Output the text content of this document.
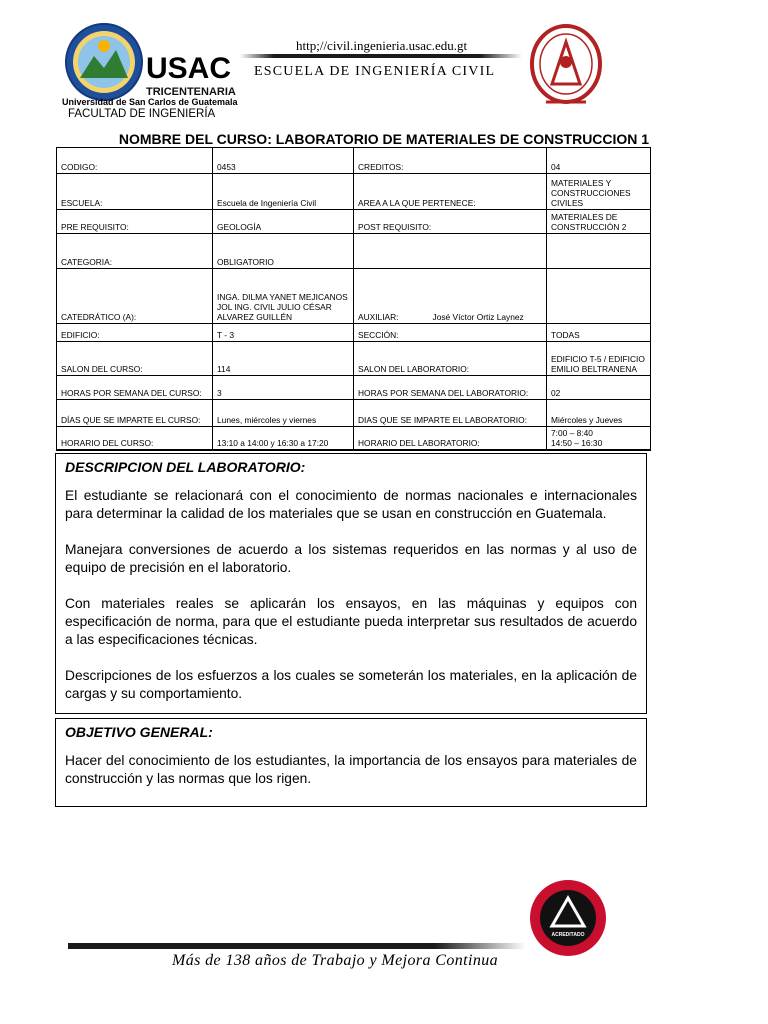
USAC
TRICENTENARIA
Universidad de San Carlos de Guatemala
FACULTAD DE INGENIERÍA
http;//civil.ingenieria.usac.edu.gt
ESCUELA DE INGENIERÍA CIVIL
NOMBRE DEL CURSO: LABORATORIO DE MATERIALES DE CONSTRUCCION 1
CODIGO:	0453	CREDITOS:	04
ESCUELA:	Escuela de Ingeniería Civil	AREA A LA QUE PERTENECE:	MATERIALES Y CONSTRUCCIONES CIVILES
PRE REQUISITO:	GEOLOGÍA	POST REQUISITO:	MATERIALES DE CONSTRUCCIÓN 2
CATEGORIA:	OBLIGATORIO		
CATEDRÁTICO (A):	INGA. DILMA YANET MEJICANOS JOL ING. CIVIL JULIO CÉSAR ALVAREZ GUILLÉN	AUXILIAR: José Víctor Ortiz Laynez	
EDIFICIO:	T - 3	SECCIÓN:	TODAS
SALON DEL CURSO:	114	SALON DEL LABORATORIO:	EDIFICIO T-5 / EDIFICIO EMILIO BELTRANENA
HORAS POR SEMANA DEL CURSO:	3	HORAS POR SEMANA DEL LABORATORIO:	02
DÍAS QUE SE IMPARTE EL CURSO:	Lunes, miércoles y viernes	DIAS QUE SE IMPARTE EL LABORATORIO:	Miércoles y Jueves
HORARIO DEL CURSO:	13:10 a 14:00 y 16:30 a 17:20	HORARIO DEL LABORATORIO:	7:00 – 8:40
14:50 – 16:30
DESCRIPCION DEL LABORATORIO:

El estudiante se relacionará con el conocimiento de normas nacionales e internacionales para determinar la calidad de los materiales que se usan en construcción en Guatemala.

Manejara conversiones de acuerdo a los sistemas requeridos en las normas y al uso de equipo de precisión en el laboratorio.

Con materiales reales se aplicarán los ensayos, en las máquinas y equipos con especificación de norma, para que el estudiante pueda interpretar sus resultados de acuerdo a las especificaciones técnicas.

Descripciones de los esfuerzos a los cuales se someterán los materiales, en la aplicación de cargas y su comportamiento.

OBJETIVO GENERAL:

Hacer del conocimiento de los estudiantes, la importancia de los ensayos para materiales de construcción y las normas que los rigen.

ACREDITADO
Más de 138 años de Trabajo y Mejora Continua
